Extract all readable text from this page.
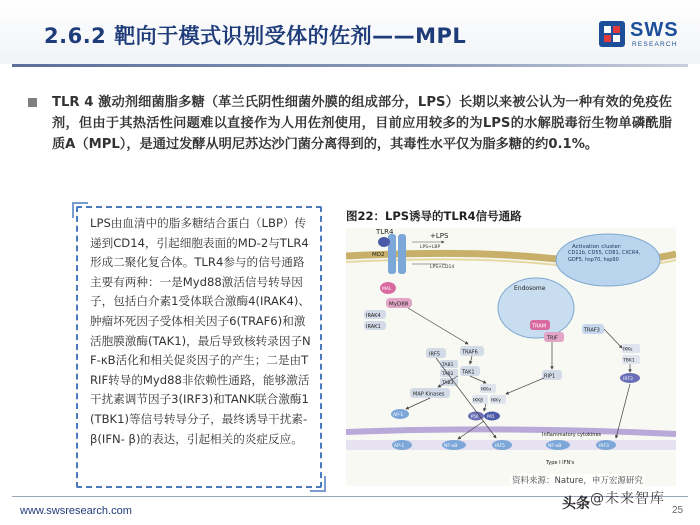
2.6.2 靶向于模式识别受体的佐剂——MPL	SWS
RESEARCH
TLR 4 激动剂细菌脂多糖（革兰氏阴性细菌外膜的组成部分，LPS）长期以来被公认为一种有效的免疫佐剂，但由于其热活性问题难以直接作为人用佐剂使用，目前应用较多的为LPS的水解脱毒衍生物单磷酰脂质A（MPL），是通过发酵从明尼苏达沙门菌分离得到的，其毒性水平仅为脂多糖的约0.1%。
LPS由血清中的脂多糖结合蛋白（LBP）传递到CD14，引起细胞表面的MD-2与TLR4形成二聚化复合体。TLR4参与的信号通路主要有两种：一是Myd88激活信号转导因子，包括白介素1受体联合激酶4(IRAK4)、肿瘤坏死因子受体相关因子6(TRAF6)和激活胞膜激酶(TAK1)，最后导致核转录因子NF-κB活化和相关促炎因子的产生；二是由TRIF转导的Myd88非依赖性通路，能够激活干扰素调节因子3(IRF3)和TANK联合激酶1(TBK1)等信号转导分子，最终诱导干扰素- β(IFN- β)的表达，引起相关的炎症反应。
图22：LPS诱导的TLR4信号通路
TLR4
MD2
+LPS
LPS+LBP
LPS+CD14
Activation cluster:
CD11b, CD55, CD81, CXCR4, GDF5, hsp70, hsp90
MAL
MyD88
IRAK4
IRAK1
Endosome
TRAM
TRIF
TRAF3
IRF5	TRAF6
TAB1
TAB2
TAB3
TAK1
RIP1
MAP Kinases
IKKα
IKKβ IKKγ
IKKε
TBK1
IRF3
P50 P65
AP-1
AP-1	NF-κB	IRF5	NF-κB	IRF3
Inflammatory cytokines
Type I IFN's
资料来源：Nature，申万宏源研究
www.swsresearch.com	25
头条 @未来智库
